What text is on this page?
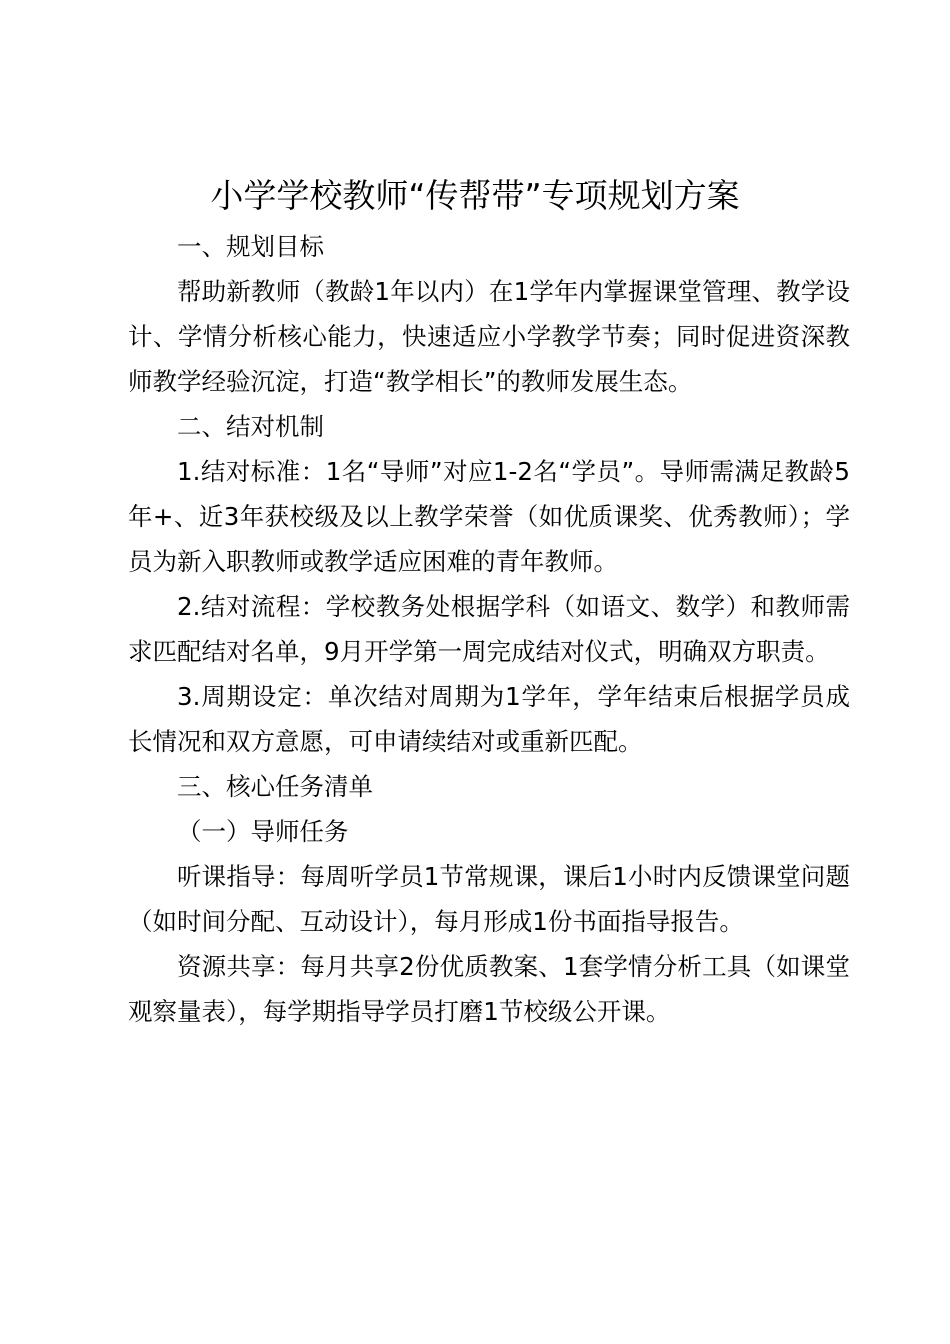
小学学校教师“传帮带”专项规划方案

一、规划目标

帮助新教师（教龄1年以内）在1学年内掌握课堂管理、教学设计、学情分析核心能力，快速适应小学教学节奏；同时促进资深教师教学经验沉淀，打造“教学相长”的教师发展生态。

二、结对机制

1.结对标准：1名“导师”对应1-2名“学员”。导师需满足教龄5年+、近3年获校级及以上教学荣誉（如优质课奖、优秀教师）；学员为新入职教师或教学适应困难的青年教师。

2.结对流程：学校教务处根据学科（如语文、数学）和教师需求匹配结对名单，9月开学第一周完成结对仪式，明确双方职责。

3.周期设定：单次结对周期为1学年，学年结束后根据学员成长情况和双方意愿，可申请续结对或重新匹配。

三、核心任务清单

（一）导师任务

听课指导：每周听学员1节常规课，课后1小时内反馈课堂问题（如时间分配、互动设计），每月形成1份书面指导报告。

资源共享：每月共享2份优质教案、1套学情分析工具（如课堂观察量表），每学期指导学员打磨1节校级公开课。
